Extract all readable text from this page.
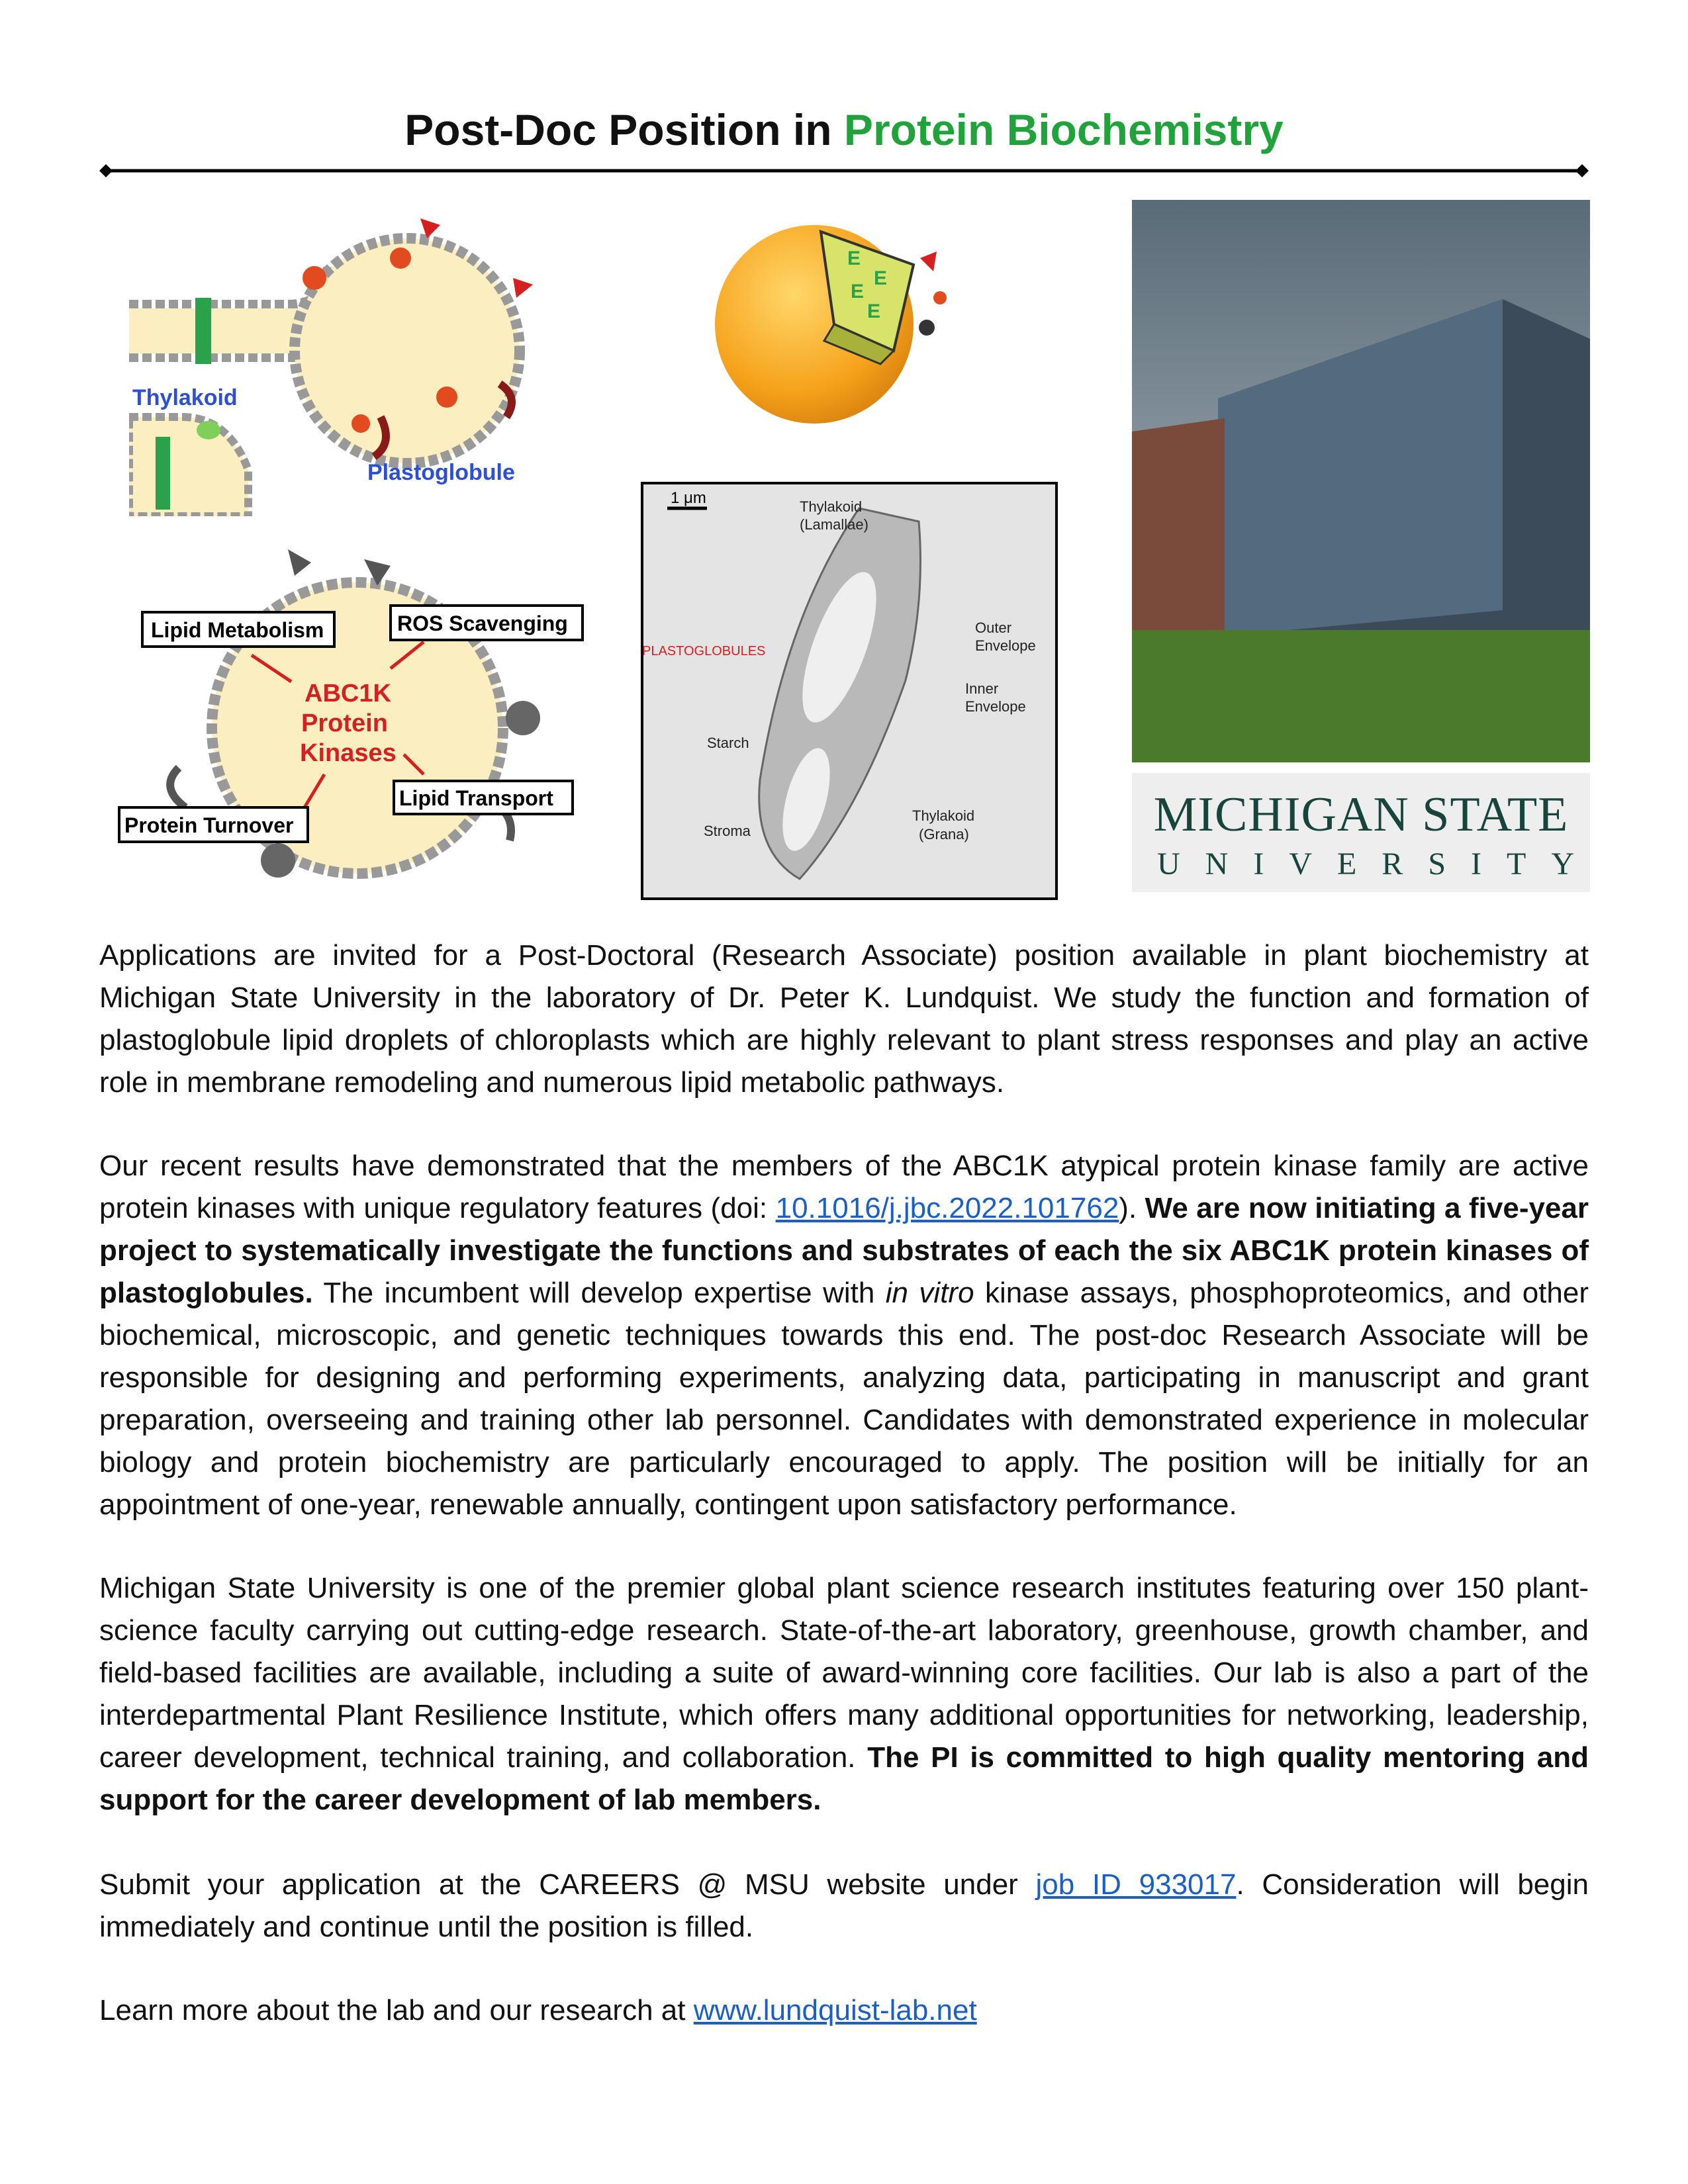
Post-Doc Position in Protein Biochemistry
Thylakoid
Plastoglobule
E
E
E
E
1 μm	Thylakoid
(Lamallae)
PLASTOGLOBULES
Outer
Envelope
Inner
Envelope
Starch
Stroma
Thylakoid
(Grana)
Lipid Metabolism	ROS Scavenging
ABC1K
Protein
Kinases
Lipid Transport
Protein Turnover	MICHIGAN STATE
UNIVERSITY
Applications are invited for a Post-Doctoral (Research Associate) position available in plant biochemistry at Michigan State University in the laboratory of Dr. Peter K. Lundquist. We study the function and formation of plastoglobule lipid droplets of chloroplasts which are highly relevant to plant stress responses and play an active role in membrane remodeling and numerous lipid metabolic pathways.
Our recent results have demonstrated that the members of the ABC1K atypical protein kinase family are active protein kinases with unique regulatory features (doi: 10.1016/j.jbc.2022.101762). We are now initiating a five-year project to systematically investigate the functions and substrates of each the six ABC1K protein kinases of plastoglobules. The incumbent will develop expertise with in vitro kinase assays, phosphoproteomics, and other biochemical, microscopic, and genetic techniques towards this end. The post-doc Research Associate will be responsible for designing and performing experiments, analyzing data, participating in manuscript and grant preparation, overseeing and training other lab personnel. Candidates with demonstrated experience in molecular biology and protein biochemistry are particularly encouraged to apply. The position will be initially for an appointment of one-year, renewable annually, contingent upon satisfactory performance.
Michigan State University is one of the premier global plant science research institutes featuring over 150 plant-science faculty carrying out cutting-edge research. State-of-the-art laboratory, greenhouse, growth chamber, and field-based facilities are available, including a suite of award-winning core facilities. Our lab is also a part of the interdepartmental Plant Resilience Institute, which offers many additional opportunities for networking, leadership, career development, technical training, and collaboration. The PI is committed to high quality mentoring and support for the career development of lab members.
Submit your application at the CAREERS @ MSU website under job ID 933017. Consideration will begin immediately and continue until the position is filled.
Learn more about the lab and our research at www.lundquist-lab.net
